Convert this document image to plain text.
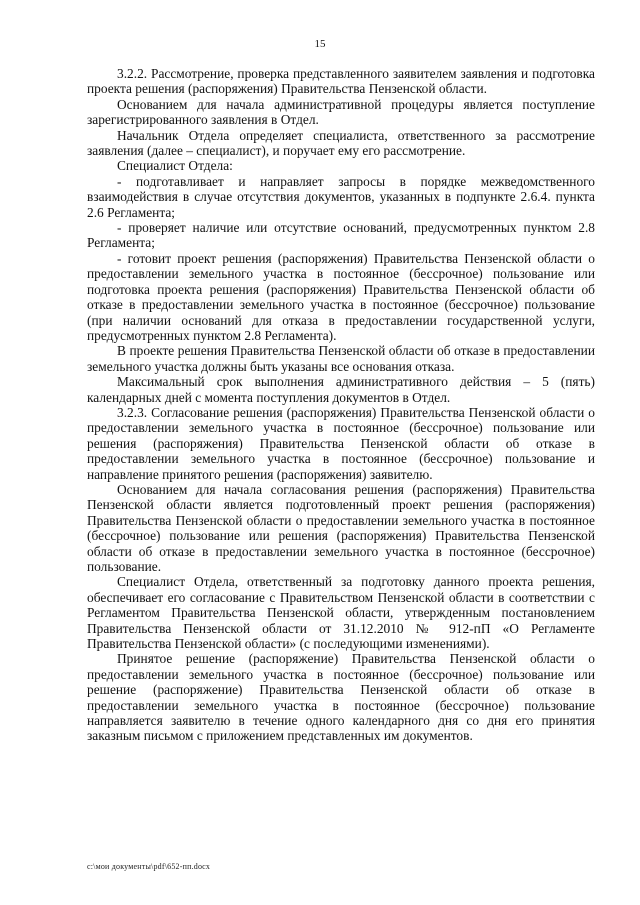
15

3.2.2. Рассмотрение, проверка представленного заявителем заявления и подготовка проекта решения (распоряжения) Правительства Пензенской области.

Основанием для начала административной процедуры является поступление зарегистрированного заявления в Отдел.

Начальник Отдела определяет специалиста, ответственного за рассмотрение заявления (далее – специалист), и поручает ему его рассмотрение.

Специалист Отдела:

- подготавливает и направляет запросы в порядке межведомственного взаимодействия в случае отсутствия документов, указанных в подпункте 2.6.4. пункта 2.6 Регламента;

- проверяет наличие или отсутствие оснований, предусмотренных пунктом 2.8 Регламента;

- готовит проект решения (распоряжения) Правительства Пензенской области о предоставлении земельного участка в постоянное (бессрочное) пользование или подготовка проекта решения (распоряжения) Правительства Пензенской области об отказе в предоставлении земельного участка в постоянное (бессрочное) пользование (при наличии оснований для отказа в предоставлении государственной услуги, предусмотренных пунктом 2.8 Регламента).

В проекте решения Правительства Пензенской области об отказе в предоставлении земельного участка должны быть указаны все основания отказа.

Максимальный срок выполнения административного действия – 5 (пять) календарных дней с момента поступления документов в Отдел.

3.2.3. Согласование решения (распоряжения) Правительства Пензенской области о предоставлении земельного участка в постоянное (бессрочное) пользование или решения (распоряжения) Правительства Пензенской области об отказе в предоставлении земельного участка в постоянное (бессрочное) пользование и направление принятого решения (распоряжения) заявителю.

Основанием для начала согласования решения (распоряжения) Правительства Пензенской области является подготовленный проект решения (распоряжения) Правительства Пензенской области о предоставлении земельного участка в постоянное (бессрочное) пользование или решения (распоряжения) Правительства Пензенской области об отказе в предоставлении земельного участка в постоянное (бессрочное) пользование.

Специалист Отдела, ответственный за подготовку данного проекта решения, обеспечивает его согласование с Правительством Пензенской области в соответствии с Регламентом Правительства Пензенской области, утвержденным постановлением Правительства Пензенской области от 31.12.2010 № 912-пП «О Регламенте Правительства Пензенской области» (с последующими изменениями).

Принятое решение (распоряжение) Правительства Пензенской области о предоставлении земельного участка в постоянное (бессрочное) пользование или решение (распоряжение) Правительства Пензенской области об отказе в предоставлении земельного участка в постоянное (бессрочное) пользование направляется заявителю в течение одного календарного дня со дня его принятия заказным письмом с приложением представленных им документов.

c:\мои документы\pdf\652-пп.docx
